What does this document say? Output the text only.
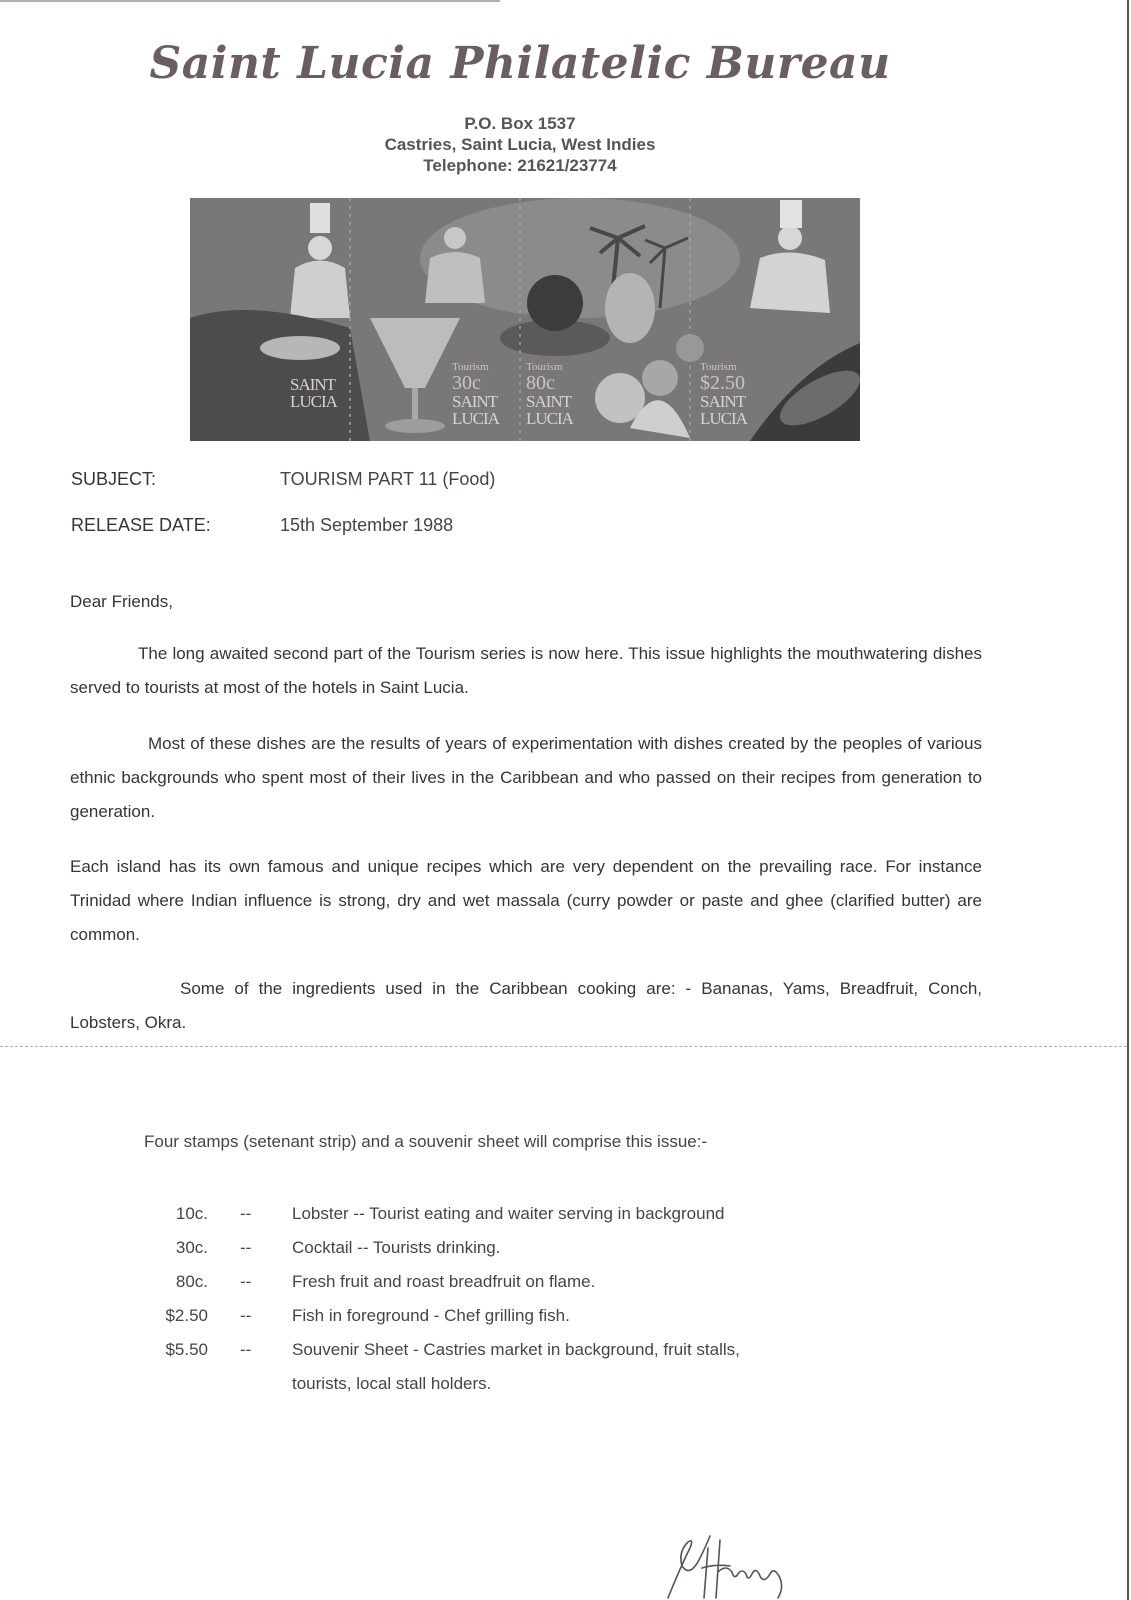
Saint Lucia Philatelic Bureau
P.O. Box 1537
Castries, Saint Lucia, West Indies
Telephone: 21621/23774
SAINT
LUCIA
Tourism
30c
SAINT
LUCIA
Tourism
80c
SAINT
LUCIA
Tourism
$2.50
SAINT
LUCIA
SUBJECT:	TOURISM PART 11 (Food)
RELEASE DATE:	15th September 1988

Dear Friends,

The long awaited second part of the Tourism series is now here. This issue highlights the mouthwatering dishes served to tourists at most of the hotels in Saint Lucia.

Most of these dishes are the results of years of experimentation with dishes created by the peoples of various ethnic backgrounds who spent most of their lives in the Caribbean and who passed on their recipes from generation to generation.

Each island has its own famous and unique recipes which are very dependent on the prevailing race. For instance Trinidad where Indian influence is strong, dry and wet massala (curry powder or paste and ghee (clarified butter) are common.

Some of the ingredients used in the Caribbean cooking are: - Bananas, Yams, Breadfruit, Conch, Lobsters, Okra.

Four stamps (setenant strip) and a souvenir sheet will comprise this issue:-
10c. -- Lobster -- Tourist eating and waiter serving in background
30c. -- Cocktail -- Tourists drinking.
80c. -- Fresh fruit and roast breadfruit on flame.
$2.50 -- Fish in foreground - Chef grilling fish.
$5.50 -- Souvenir Sheet - Castries market in background, fruit stalls,
tourists, local stall holders.
